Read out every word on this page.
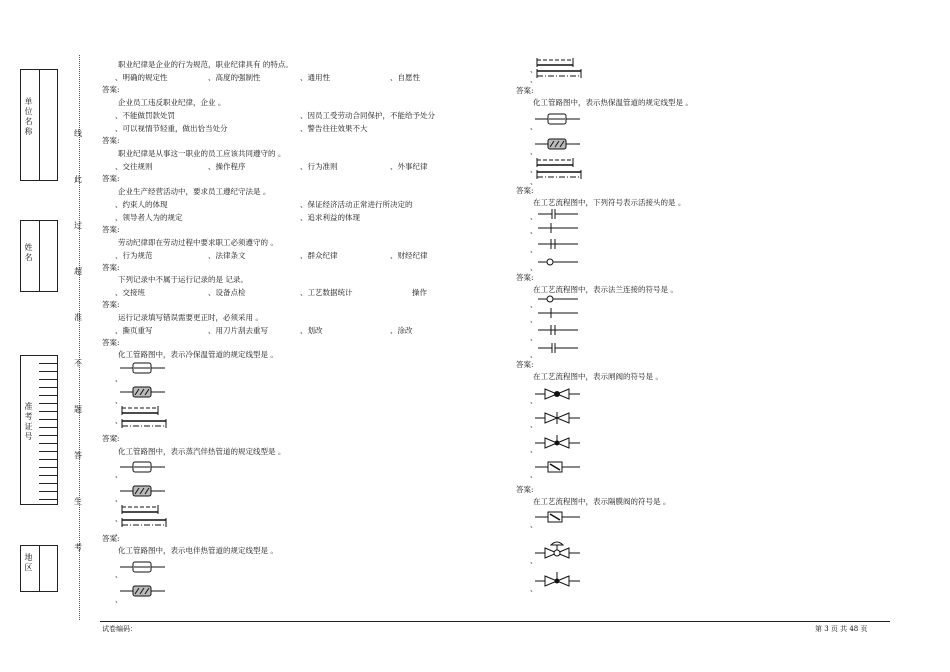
单位名称
姓名
准考证号
地区
线
此
过
超
准
不
题
答
生
考
职业纪律是企业的行为规范，职业纪律具有 的特点。
、明确的规定性	、高度的强制性	、通用性	、自愿性
答案:
企业员工违反职业纪律，企业 。
、不能做罚款处罚	、因员工受劳动合同保护，不能给予处分
、可以视情节轻重，做出恰当处分	、警告往往效果不大
答案:
职业纪律是从事这一职业的员工应该共同遵守的 。
、交往规则	、操作程序	、行为准则	、外事纪律
答案:
企业生产经营活动中，要求员工遵纪守法是 。
、约束人的体现	、保证经济活动正常进行所决定的
、领导者人为的规定	、追求利益的体现
答案:
劳动纪律即在劳动过程中要求职工必须遵守的 。
、行为规范	、法律条文	、群众纪律	、财经纪律
答案:
下列记录中不属于运行记录的是 记录。
、交接班	、设备点检	、工艺数据统计	操作
答案:
运行记录填写错误需要更正时，必须采用 。
、撕页重写	、用刀片刮去重写	、划改	、涂改
答案:
化工管路图中，表示冷保温管道的规定线型是 。
、
、
、
、
答案:
化工管路图中，表示蒸汽伴热管道的规定线型是 。
、
、
、
、
答案:
化工管路图中，表示电伴热管道的规定线型是 。
、
、
、
、
答案:
化工管路图中，表示热保温管道的规定线型是 。
、
、
、
、
答案:
在工艺流程图中，下列符号表示活接头的是 。
、
、
、
、
答案:
在工艺流程图中，表示法兰连接的符号是 。
、
、
、
、
答案:
在工艺流程图中，表示闸阀的符号是 。
、
、
、
、
答案:
在工艺流程图中，表示隔膜阀的符号是 。
、
、
、
试卷编码：	第 3 页 共 48 页
